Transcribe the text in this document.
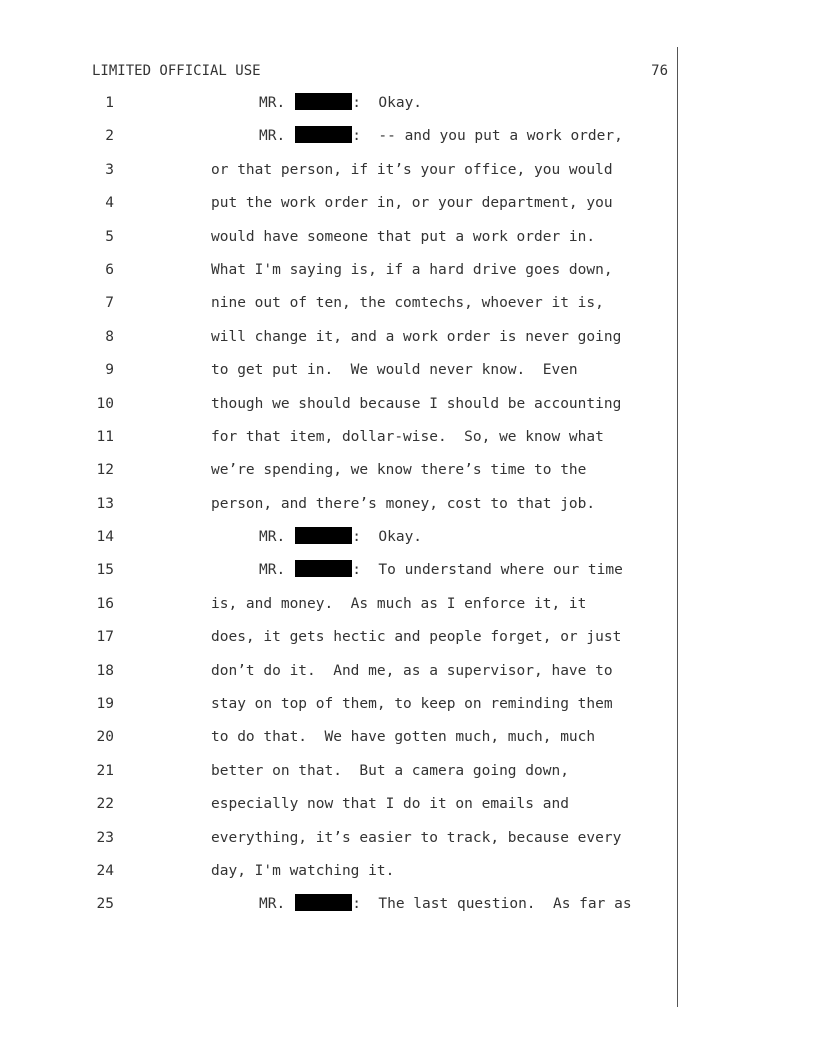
LIMITED OFFICIAL USE	76
1	MR.	:  Okay.
2	MR.	:  -- and you put a work order,
3	or that person, if it’s your office, you would
4	put the work order in, or your department, you
5	would have someone that put a work order in.
6	What I'm saying is, if a hard drive goes down,
7	nine out of ten, the comtechs, whoever it is,
8	will change it, and a work order is never going
9	to get put in.  We would never know.  Even
10	though we should because I should be accounting
11	for that item, dollar-wise.  So, we know what
12	we’re spending, we know there’s time to the
13	person, and there’s money, cost to that job.
14	MR.	:  Okay.
15	MR.	:  To understand where our time
16	is, and money.  As much as I enforce it, it
17	does, it gets hectic and people forget, or just
18	don’t do it.  And me, as a supervisor, have to
19	stay on top of them, to keep on reminding them
20	to do that.  We have gotten much, much, much
21	better on that.  But a camera going down,
22	especially now that I do it on emails and
23	everything, it’s easier to track, because every
24	day, I'm watching it.
25	MR.	:  The last question.  As far as
